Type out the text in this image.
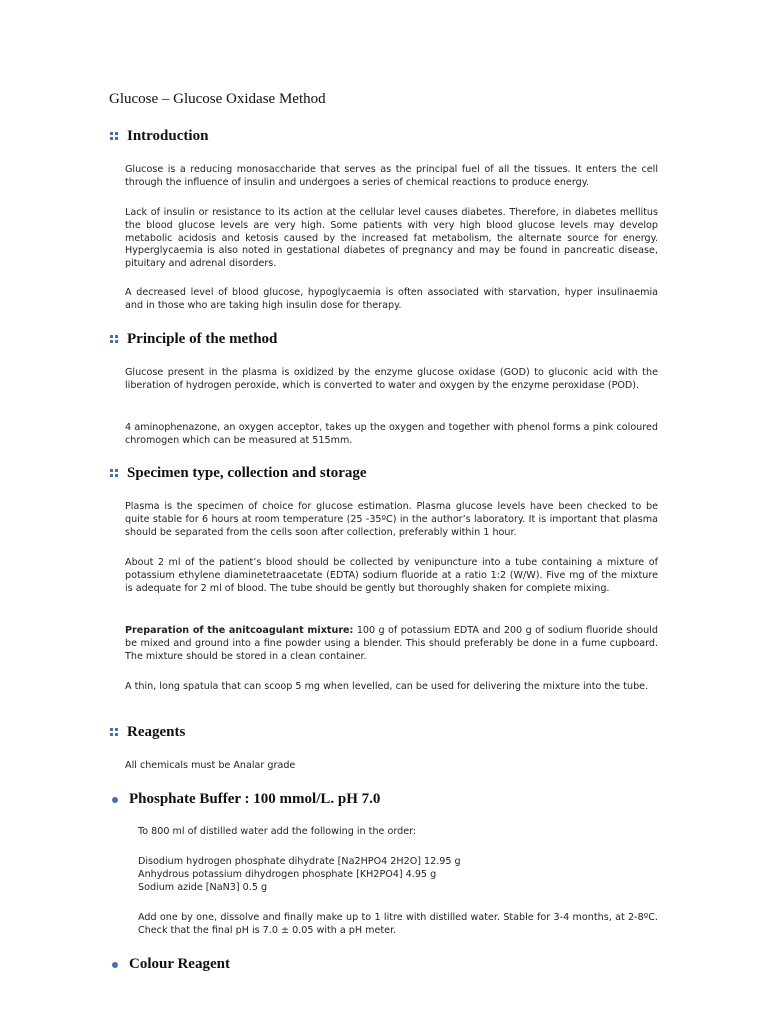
Glucose – Glucose Oxidase Method
Introduction

Glucose is a reducing monosaccharide that serves as the principal fuel of all the tissues. It enters the cell through the influence of insulin and undergoes a series of chemical reactions to produce energy.

Lack of insulin or resistance to its action at the cellular level causes diabetes. Therefore, in diabetes mellitus the blood glucose levels are very high. Some patients with very high blood glucose levels may develop metabolic acidosis and ketosis caused by the increased fat metabolism, the alternate source for energy. Hyperglycaemia is also noted in gestational diabetes of pregnancy and may be found in pancreatic disease, pituitary and adrenal disorders.

A decreased level of blood glucose, hypoglycaemia is often associated with starvation, hyper insulinaemia and in those who are taking high insulin dose for therapy.

Principle of the method

Glucose present in the plasma is oxidized by the enzyme glucose oxidase (GOD) to gluconic acid with the liberation of hydrogen peroxide, which is converted to water and oxygen by the enzyme peroxidase (POD).

4 aminophenazone, an oxygen acceptor, takes up the oxygen and together with phenol forms a pink coloured chromogen which can be measured at 515mm.

Specimen type, collection and storage

Plasma is the specimen of choice for glucose estimation. Plasma glucose levels have been checked to be quite stable for 6 hours at room temperature (25 -35ºC) in the author’s laboratory. It is important that plasma should be separated from the cells soon after collection, preferably within 1 hour.

About 2 ml of the patient’s blood should be collected by venipuncture into a tube containing a mixture of potassium ethylene diaminetetraacetate (EDTA) sodium fluoride at a ratio 1:2 (W/W). Five mg of the mixture is adequate for 2 ml of blood. The tube should be gently but thoroughly shaken for complete mixing.

Preparation of the anitcoagulant mixture: 100 g of potassium EDTA and 200 g of sodium fluoride should be mixed and ground into a fine powder using a blender. This should preferably be done in a fume cupboard. The mixture should be stored in a clean container.

A thin, long spatula that can scoop 5 mg when levelled, can be used for delivering the mixture into the tube.

Reagents

All chemicals must be Analar grade

Phosphate Buffer : 100 mmol/L. pH 7.0

To 800 ml of distilled water add the following in the order:

Disodium hydrogen phosphate dihydrate [Na2HPO4 2H2O] 12.95 g
Anhydrous potassium dihydrogen phosphate [KH2PO4] 4.95 g
Sodium azide [NaN3] 0.5 g

Add one by one, dissolve and finally make up to 1 litre with distilled water. Stable for 3-4 months, at 2-8ºC. Check that the final pH is 7.0 ± 0.05 with a pH meter.

Colour Reagent
